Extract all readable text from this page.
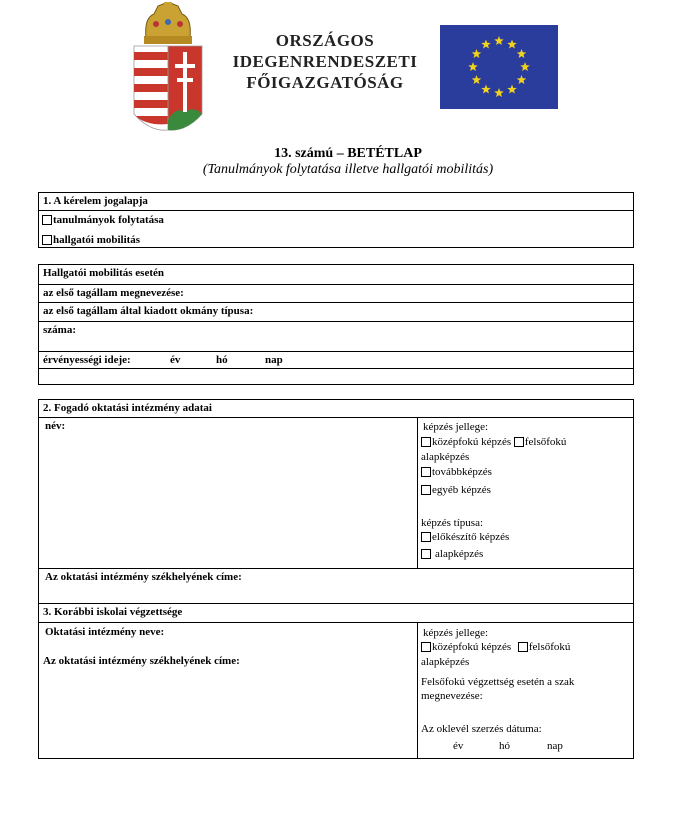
ORSZÁGOS
IDEGENRENDESZETI
FŐIGAZGATÓSÁG
13. számú – BETÉTLAP
(Tanulmányok folytatása illetve hallgatói mobilitás)
1. A kérelem jogalapja
tanulmányok folytatása
hallgatói mobilitás
Hallgatói mobilitás esetén
az első tagállam megnevezése:
az első tagállam által kiadott okmány típusa:
száma:
érvényességi ideje:	év	hó	nap
2. Fogadó oktatási intézmény adatai
név:	képzés jellege:
középfokú képzés felsőfokú
alapképzés
továbbképzés
egyéb képzés
képzés típusa:
előkészítő képzés
alapképzés
Az oktatási intézmény székhelyének címe:
3. Korábbi iskolai végzettsége
Oktatási intézmény neve:
Az oktatási intézmény székhelyének címe:
képzés jellege:
középfokú képzés felsőfokú
alapképzés
Felsőfokú végzettség esetén a szak
megnevezése:
Az oklevél szerzés dátuma:
év	hó	nap
